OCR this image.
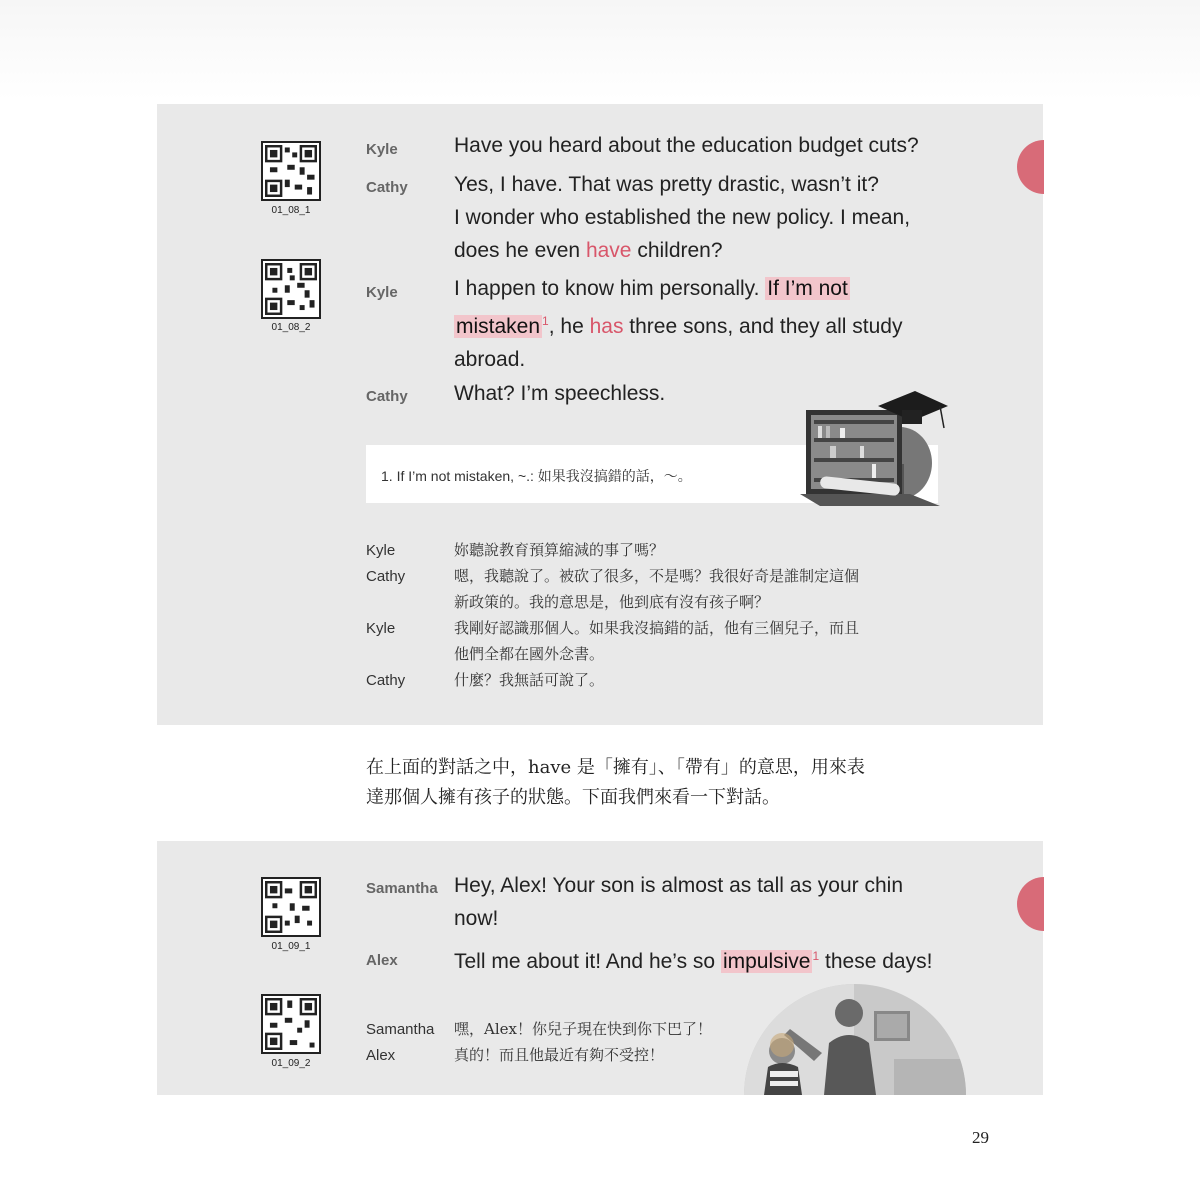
01_08_1
01_08_2
Kyle	Have you heard about the education budget cuts?
Cathy Yes, I have. That was pretty drastic, wasn’t it?
I wonder who established the new policy. I mean,
does he even have children?
Kyle	I happen to know him personally. If I’m not
mistaken $^1$, he has three sons, and they all study
abroad.
Cathy What? I’m speechless.
1. If I’m not mistaken, ~.: 如果我沒搞錯的話，～。
Kyle	妳聽說教育預算縮減的事了嗎？
Cathy	嗯，我聽說了。被砍了很多，不是嗎？我很好奇是誰制定這個
新政策的。我的意思是，他到底有沒有孩子啊？
Kyle	我剛好認識那個人。如果我沒搞錯的話，他有三個兒子，而且
他們全都在國外念書。
Cathy	什麼？我無話可說了。
在上面的對話之中，have 是「擁有」、「帶有」的意思，用來表
達那個人擁有孩子的狀態。下面我們來看一下對話。
01_09_1
01_09_2
Samantha Hey, Alex! Your son is almost as tall as your chin
now!
Alex	Tell me about it! And he’s so impulsive $^1$ these days!
Samantha 嘿，Alex！你兒子現在快到你下巴了！
Alex	真的！而且他最近有夠不受控！
29
